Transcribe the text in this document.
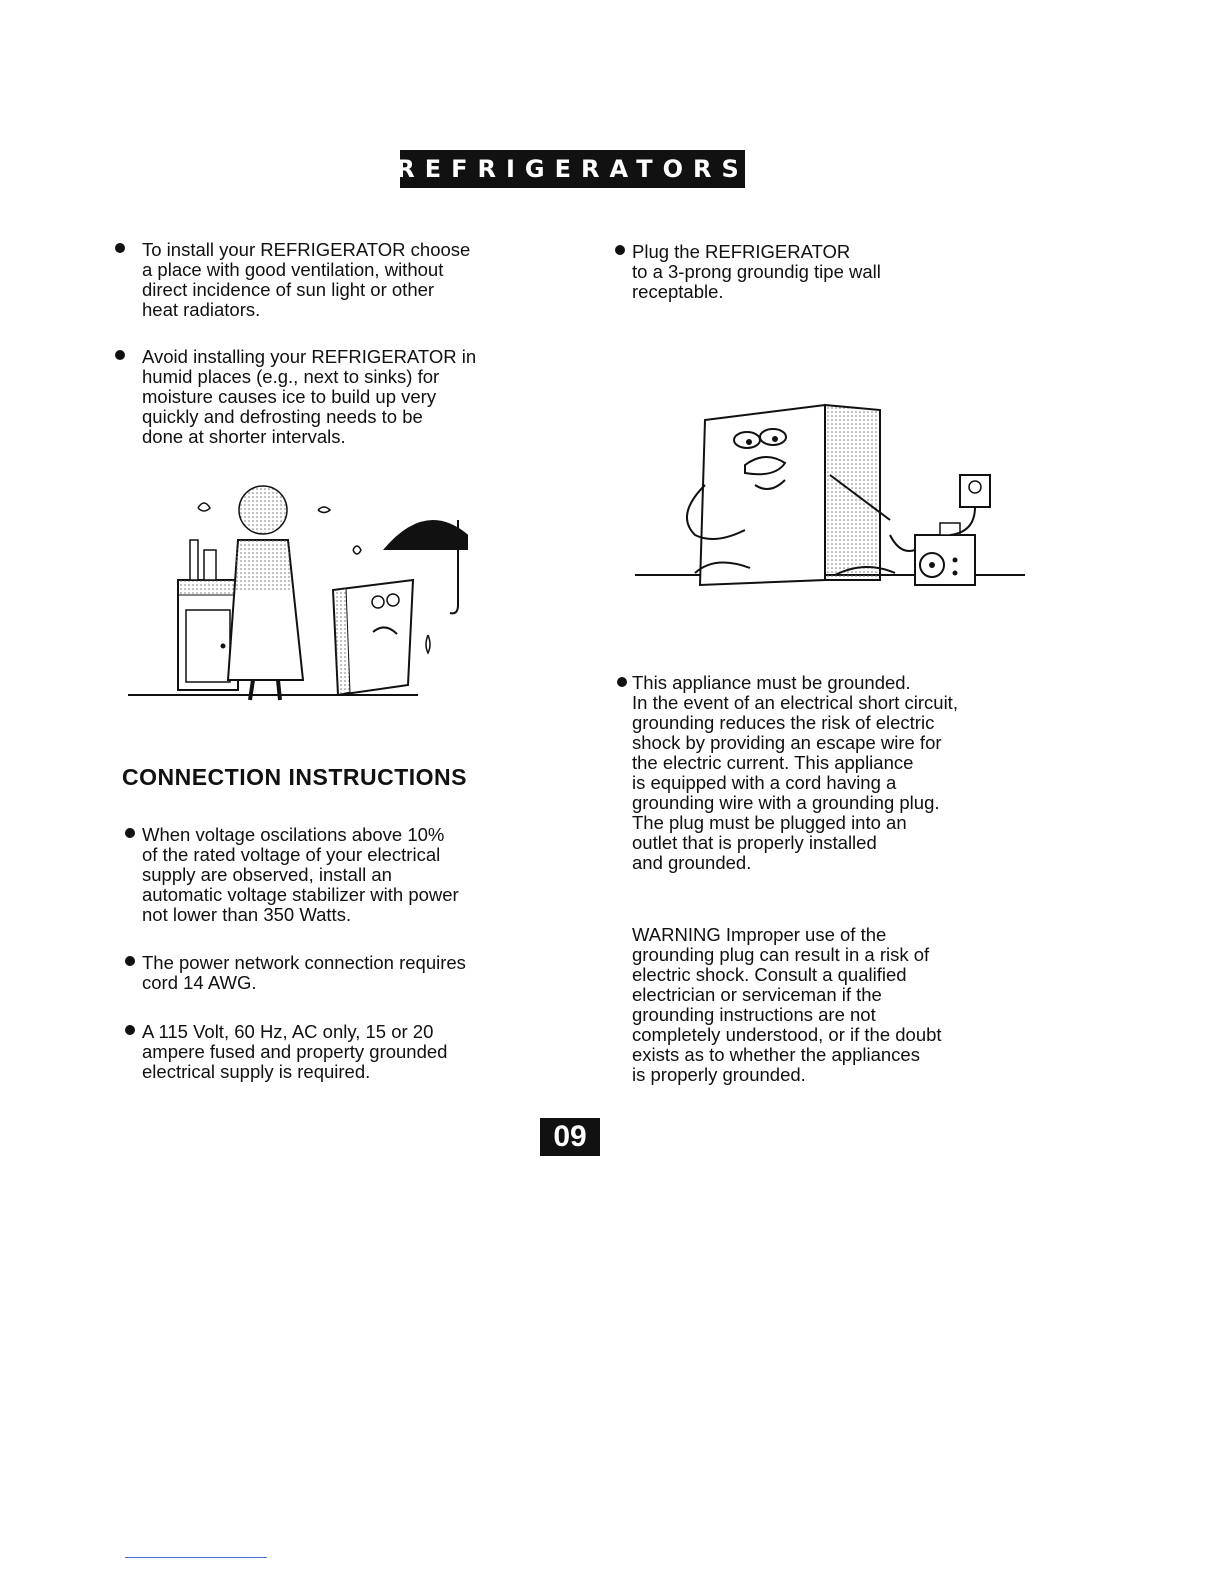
REFRIGERATORS
To install your REFRIGERATOR choose
a place with good ventilation, without
direct incidence of sun light or other
heat radiators.
Avoid installing your REFRIGERATOR in
humid places (e.g., next to sinks) for
moisture causes ice to build up very
quickly and defrosting needs to be
done at shorter intervals.
CONNECTION INSTRUCTIONS
When voltage oscilations above 10%
of the rated voltage of your electrical
supply are observed, install an
automatic voltage stabilizer with power
not lower than 350 Watts.
The power network connection requires
cord 14 AWG.
A 115 Volt, 60 Hz, AC only, 15 or 20
ampere fused and property grounded
electrical supply is required.
Plug the REFRIGERATOR
to a 3-prong groundig tipe wall
receptable.
This appliance must be grounded.
In the event of an electrical short circuit,
grounding reduces the risk of electric
shock by providing an escape wire for
the electric current. This appliance
is equipped with a cord having a
grounding wire with a grounding plug.
The plug must be plugged into an
outlet that is properly installed
and grounded.
WARNING Improper use of the
grounding plug can result in a risk of
electric shock. Consult a qualified
electrician or serviceman if the
grounding instructions are not
completely understood, or if the doubt
exists as to whether the appliances
is properly grounded.
09
